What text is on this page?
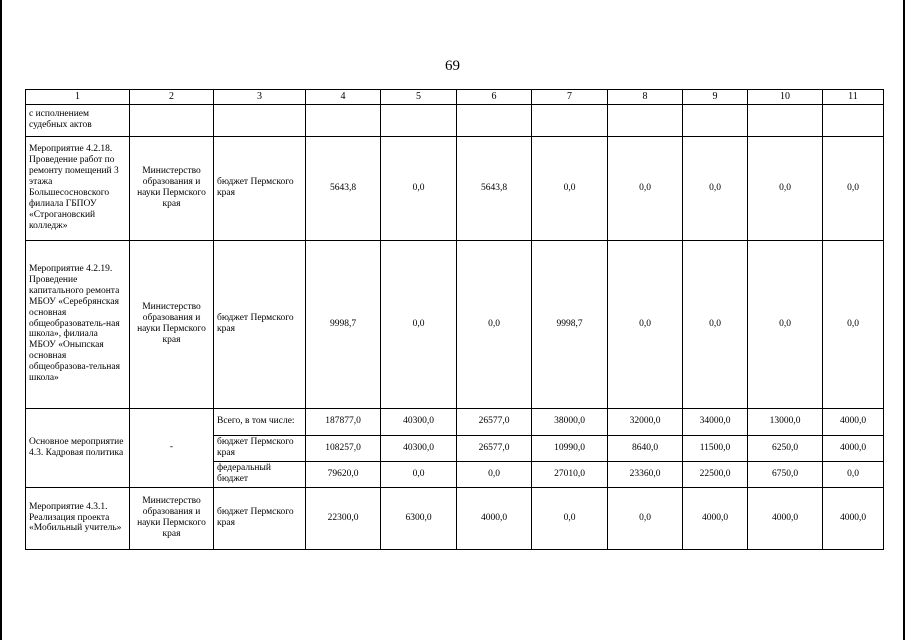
69
1	2	3	4	5	6	7	8	9	10	11
с исполнением судебных актов										
Мероприятие 4.2.18. Проведение работ по ремонту помещений 3 этажа Большесосновского филиала ГБПОУ «Строгановский колледж»	Министерство образования и науки Пермского края	бюджет Пермского края	5643,8	0,0	5643,8	0,0	0,0	0,0	0,0	0,0
Мероприятие 4.2.19. Проведение капитального ремонта МБОУ «Серебрянская основная общеобразователь-ная школа», филиала МБОУ «Оныпская основная общеобразова-тельная школа»	Министерство образования и науки Пермского края	бюджет Пермского края	9998,7	0,0	0,0	9998,7	0,0	0,0	0,0	0,0
Основное мероприятие 4.3. Кадровая политика	-	Всего, в том числе:	187877,0	40300,0	26577,0	38000,0	32000,0	34000,0	13000,0	4000,0
		бюджет Пермского края	108257,0	40300,0	26577,0	10990,0	8640,0	11500,0	6250,0	4000,0
		федеральный бюджет	79620,0	0,0	0,0	27010,0	23360,0	22500,0	6750,0	0,0
Мероприятие 4.3.1. Реализация проекта «Мобильный учитель»	Министерство образования и науки Пермского края	бюджет Пермского края	22300,0	6300,0	4000,0	0,0	0,0	4000,0	4000,0	4000,0
